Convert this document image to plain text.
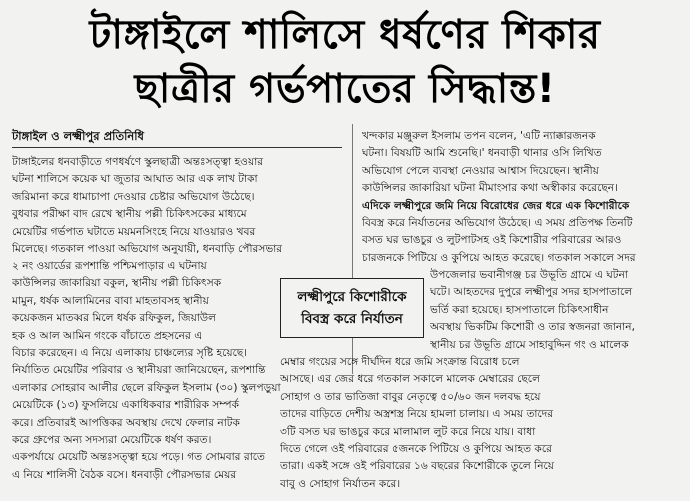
টাঙ্গাইলে শালিসে ধর্ষণের শিকার
ছাত্রীর গর্ভপাতের সিদ্ধান্ত!
টাঙ্গাইল ও লক্ষ্মীপুর প্রতিনিধি
টাঙ্গাইলের ধনবাড়ীতে গণধর্ষণে স্কুলছাত্রী অন্তঃসত্ত্বা হওয়ার
ঘটনা শালিসে কয়েক ঘা জুতার আঘাত আর এক লাখ টাকা
জরিমানা করে ধামাচাপা দেওয়ার চেষ্টার অভিযোগ উঠেছে।
বুধবার পরীক্ষা বাদ রেখে স্থানীয় পল্লী চিকিৎসকের মাধ্যমে
মেয়েটির গর্ভপাত ঘটাতে ময়মনসিংহে নিয়ে যাওয়ারও খবর
মিলেছে। গতকাল পাওয়া অভিযোগ অনুযায়ী, ধনবাড়ি পৌরসভার
২ নং ওয়ার্ডের রূপশান্তি পশ্চিমপাড়ার এ ঘটনায়
কাউন্সিলর জাকারিয়া বকুল, স্থানীয় পল্লী চিকিৎসক
মামুন, ধর্ষক আলামিনের বাবা মাহতাবসহ স্থানীয়
কয়েকজন মাতব্বর মিলে ধর্ষক রফিকুল, জিয়াউল
হক ও আল আমিন গংকে বাঁচাতে প্রহসনের এ
বিচার করেছেন। এ নিয়ে এলাকায় চাঞ্চল্যের সৃষ্টি হয়েছে।
নির্যাতিত মেয়েটির পরিবার ও স্থানীয়রা জানিয়েছেন, রূপশান্তি
এলাকার সোহরাব আলীর ছেলে রফিকুল ইসলাম (৩০) স্কুলপড়ুয়া
মেয়েটিকে (১৩) ফুসলিয়ে একাধিকবার শারীরিক সম্পর্ক
করে। প্রতিবারই আপত্তিকর অবস্থায় দেখে ফেলার নাটক
করে গ্রুপের অন্য সদস্যরা মেয়েটিকে ধর্ষণ করত।
একপর্যায়ে মেয়েটি অন্তঃসত্ত্বা হয়ে পড়ে। গত সোমবার রাতে
এ নিয়ে শালিসী বৈঠক বসে। ধনবাড়ী পৌরসভার মেয়র
খন্দকার মঞ্জুরুল ইসলাম তপন বলেন, 'এটি ন্যাক্কারজনক
ঘটনা। বিষয়টি আমি শুনেছি।' ধনবাড়ী থানার ওসি লিখিত
অভিযোগ পেলে ব্যবস্থা নেওয়ার আশ্বাস দিয়েছেন। স্থানীয়
কাউন্সিলর জাকারিয়া ঘটনা মীমাংসার কথা অস্বীকার করেছেন।
এদিকে লক্ষ্মীপুরে জমি নিয়ে বিরোধের জের ধরে এক কিশোরীকে
বিবস্ত্র করে নির্যাতনের অভিযোগ উঠেছে। এ সময় প্রতিপক্ষ তিনটি
বসত ঘর ভাঙচুর ও লুটপাটসহ ওই কিশোরীর পরিবারের আরও
চারজনকে পিটিয়ে ও কুপিয়ে আহত করেছে। গতকাল সকালে সদর
উপজেলার ভবানীগঞ্জ চর উভূতি গ্রামে এ ঘটনা
ঘটে। আহতদের দুপুরে লক্ষ্মীপুর সদর হাসপাতালে
ভর্তি করা হয়েছে। হাসপাতালে চিকিৎসাধীন
অবস্থায় ভিকটিম কিশোরী ও তার স্বজনরা জানান,
স্থানীয় চর উভূতি গ্রামে সাহাবুদ্দিন গং ও মালেক
মেম্বার গংয়ের সঙ্গে দীর্ঘদিন ধরে জমি সংক্রান্ত বিরোধ চলে
আসছে। এর জের ধরে গতকাল সকালে মালেক মেম্বারের ছেলে
সোহাগ ও তার ভাতিজা বাবুর নেতৃত্বে ৫০/৬০ জন দলবদ্ধ হয়ে
তাদের বাড়িতে দেশীয় অস্ত্রশস্ত্র নিয়ে হামলা চালায়। এ সময় তাদের
৩টি বসত ঘর ভাঙচুর করে মালামাল লুট করে নিয়ে যায়। বাধা
দিতে গেলে ওই পরিবারের ৫জনকে পিটিয়ে ও কুপিয়ে আহত করে
তারা। একই সঙ্গে ওই পরিবারের ১৬ বছরের কিশোরীকে তুলে নিয়ে
বাবু ও সোহাগ নির্যাতন করে।
লক্ষ্মীপুরে কিশোরীকে
বিবস্ত্র করে নির্যাতন
